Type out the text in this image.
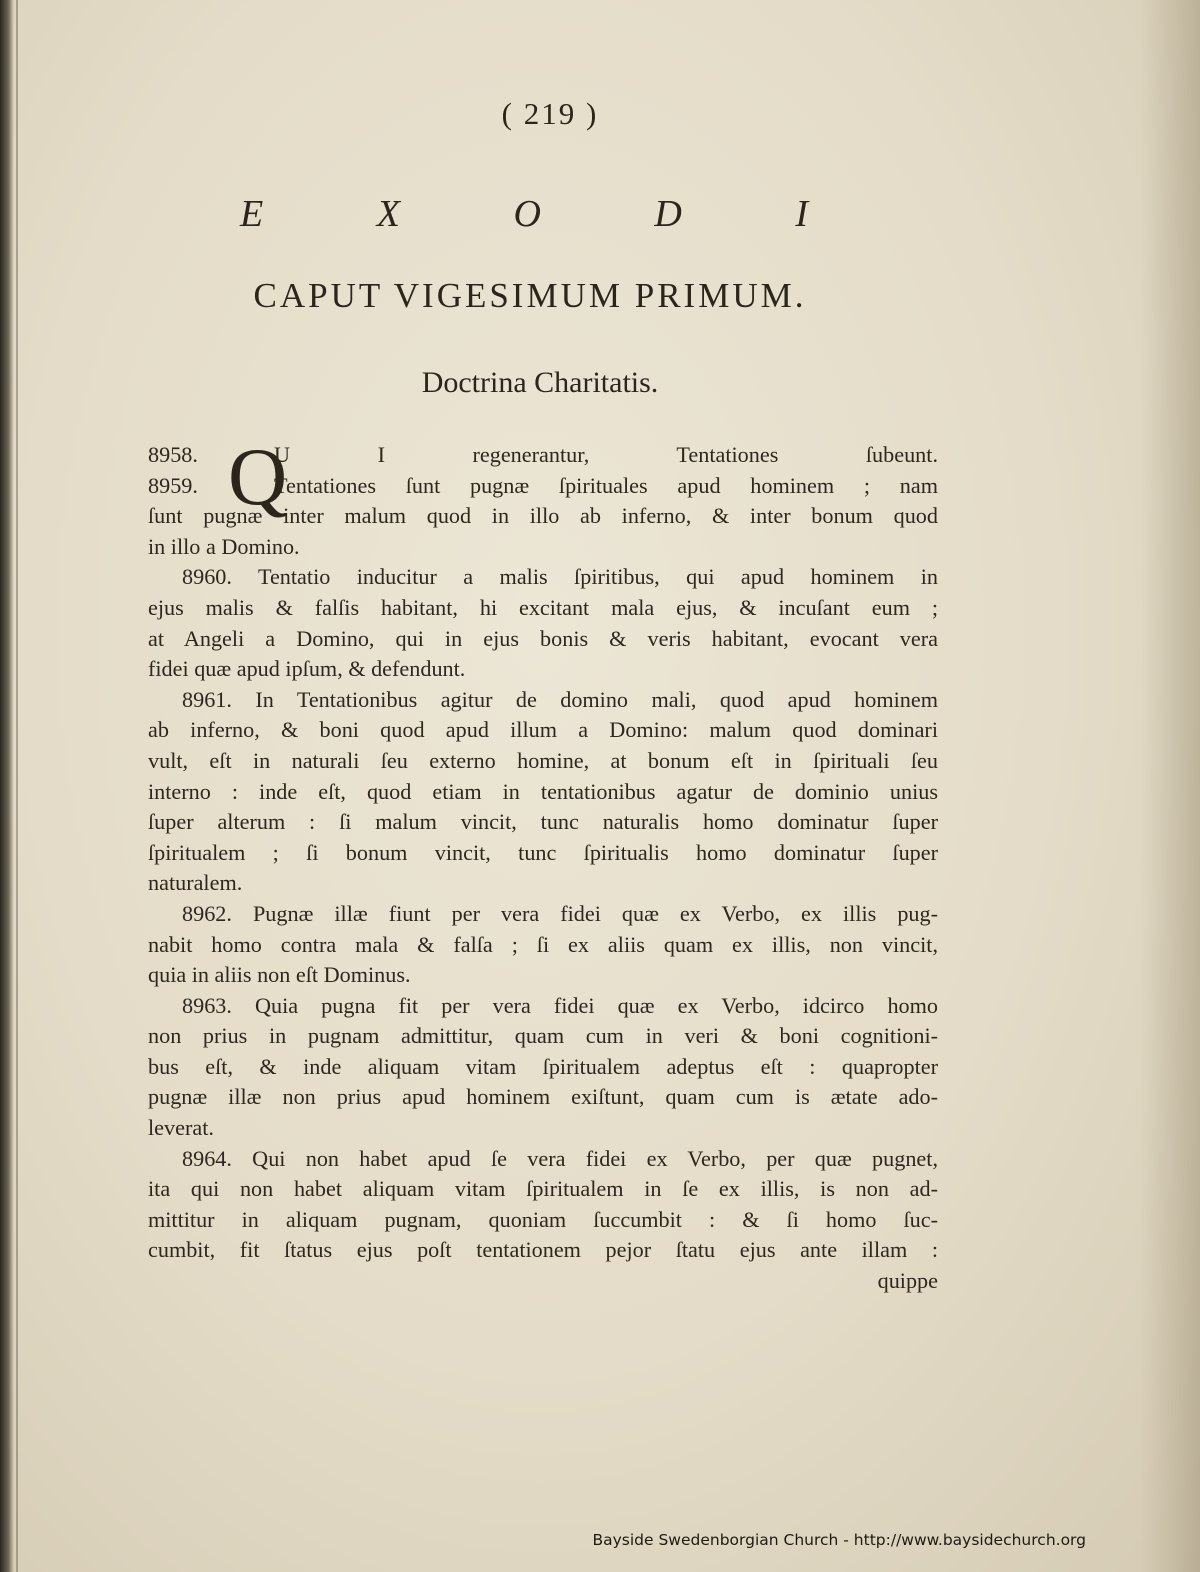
( 219 )
E X O D I
CAPUT VIGESIMUM PRIMUM.
Doctrina Charitatis.
Q
8958.	U I regenerantur, Tentationes ſubeunt.
8959.	Tentationes ſunt pugnæ ſpirituales apud hominem ; nam
ſunt pugnæ inter malum quod in illo ab inferno, & inter bonum quod
in illo a Domino.
8960. Tentatio inducitur a malis ſpiritibus, qui apud hominem in
ejus malis & falſis habitant, hi excitant mala ejus, & incuſant eum ;
at Angeli a Domino, qui in ejus bonis & veris habitant, evocant vera
fidei quæ apud ipſum, & defendunt.
8961. In Tentationibus agitur de domino mali, quod apud hominem
ab inferno, & boni quod apud illum a Domino: malum quod dominari
vult, eſt in naturali ſeu externo homine, at bonum eſt in ſpirituali ſeu
interno : inde eſt, quod etiam in tentationibus agatur de dominio unius
ſuper alterum : ſi malum vincit, tunc naturalis homo dominatur ſuper
ſpiritualem ; ſi bonum vincit, tunc ſpiritualis homo dominatur ſuper
naturalem.
8962. Pugnæ illæ fiunt per vera fidei quæ ex Verbo, ex illis pug-
nabit homo contra mala & falſa ; ſi ex aliis quam ex illis, non vincit,
quia in aliis non eſt Dominus.
8963. Quia pugna fit per vera fidei quæ ex Verbo, idcirco homo
non prius in pugnam admittitur, quam cum in veri & boni cognitioni-
bus eſt, & inde aliquam vitam ſpiritualem adeptus eſt : quapropter
pugnæ illæ non prius apud hominem exiſtunt, quam cum is ætate ado-
leverat.
8964. Qui non habet apud ſe vera fidei ex Verbo, per quæ pugnet,
ita qui non habet aliquam vitam ſpiritualem in ſe ex illis, is non ad-
mittitur in aliquam pugnam, quoniam ſuccumbit : & ſi homo ſuc-
cumbit, fit ſtatus ejus poſt tentationem pejor ſtatu ejus ante illam :
quippe
Bayside Swedenborgian Church - http://www.baysidechurch.org
